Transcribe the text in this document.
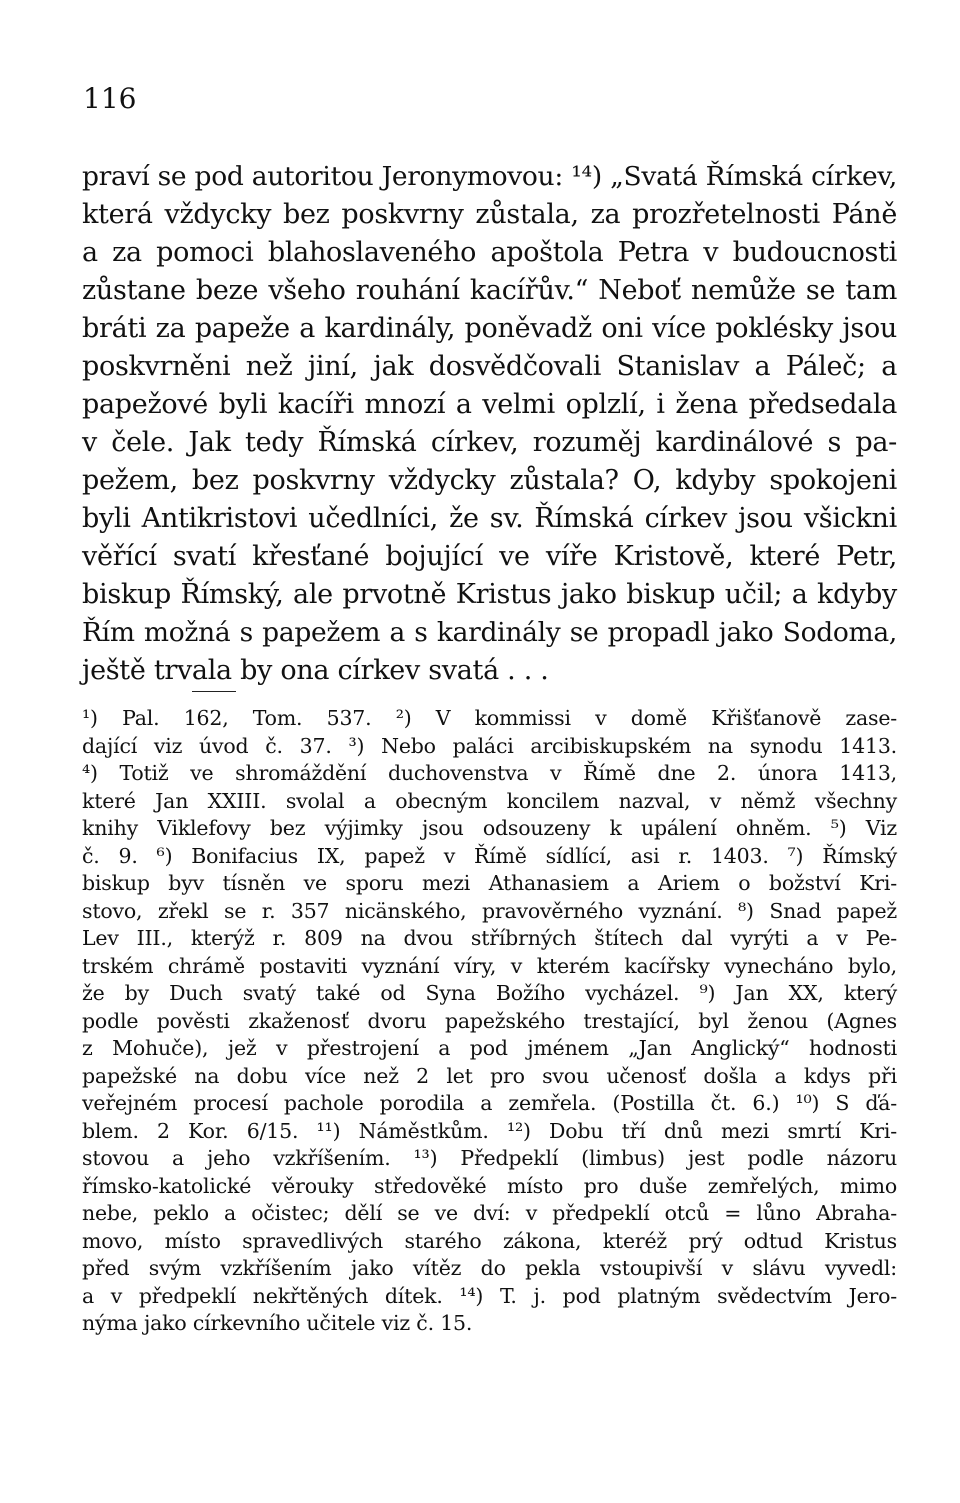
116
praví se pod autoritou Jeronymovou: ¹⁴) „Svatá Římská církev,
která vždycky bez poskvrny zůstala, za prozřetelnosti Páně
a za pomoci blahoslaveného apoštola Petra v budoucnosti
zůstane beze všeho rouhání kacířův.“ Neboť nemůže se tam
bráti za papeže a kardinály, poněvadž oni více poklésky jsou
poskvrněni než jiní, jak dosvědčovali Stanislav a Páleč; a
papežové byli kacíři mnozí a velmi oplzlí, i žena předsedala
v čele. Jak tedy Římská církev, rozuměj kardinálové s pa-
pežem, bez poskvrny vždycky zůstala? O, kdyby spokojeni
byli Antikristovi učedlníci, že sv. Římská církev jsou všickni
věřící svatí křesťané bojující ve víře Kristově, které Petr,
biskup Římský, ale prvotně Kristus jako biskup učil; a kdyby
Řím možná s papežem a s kardinály se propadl jako Sodoma,
ještě trvala by ona církev svatá . . .
¹) Pal. 162, Tom. 537. ²) V kommissi v domě Křišťanově zase-
dající viz úvod č. 37. ³) Nebo paláci arcibiskupském na synodu 1413.
⁴) Totiž ve shromáždění duchovenstva v Římě dne 2. února 1413,
které Jan XXIII. svolal a obecným koncilem nazval, v němž všechny
knihy Viklefovy bez výjimky jsou odsouzeny k upálení ohněm. ⁵) Viz
č. 9. ⁶) Bonifacius IX, papež v Římě sídlící, asi r. 1403. ⁷) Římský
biskup byv tísněn ve sporu mezi Athanasiem a Ariem o božství Kri-
stovo, zřekl se r. 357 nicänského, pravověrného vyznání. ⁸) Snad papež
Lev III., kterýž r. 809 na dvou stříbrných štítech dal vyrýti a v Pe-
trském chrámě postaviti vyznání víry, v kterém kacířsky vynecháno bylo,
že by Duch svatý také od Syna Božího vycházel. ⁹) Jan XX, který
podle pověsti zkaženosť dvoru papežského trestající, byl ženou (Agnes
z Mohuče), jež v přestrojení a pod jménem „Jan Anglický“ hodnosti
papežské na dobu více než 2 let pro svou učenosť došla a kdys při
veřejném procesí pachole porodila a zemřela. (Postilla čt. 6.) ¹⁰) S ďá-
blem. 2 Kor. 6/15. ¹¹) Náměstkům. ¹²) Dobu tří dnů mezi smrtí Kri-
stovou a jeho vzkříšením. ¹³) Předpeklí (limbus) jest podle názoru
římsko-katolické věrouky středověké místo pro duše zemřelých, mimo
nebe, peklo a očistec; dělí se ve dví: v předpeklí otců = lůno Abraha-
movo, místo spravedlivých starého zákona, kteréž prý odtud Kristus
před svým vzkříšením jako vítěz do pekla vstoupivší v slávu vyvedl:
a v předpeklí nekřtěných dítek. ¹⁴) T. j. pod platným svědectvím Jero-
nýma jako církevního učitele viz č. 15.
